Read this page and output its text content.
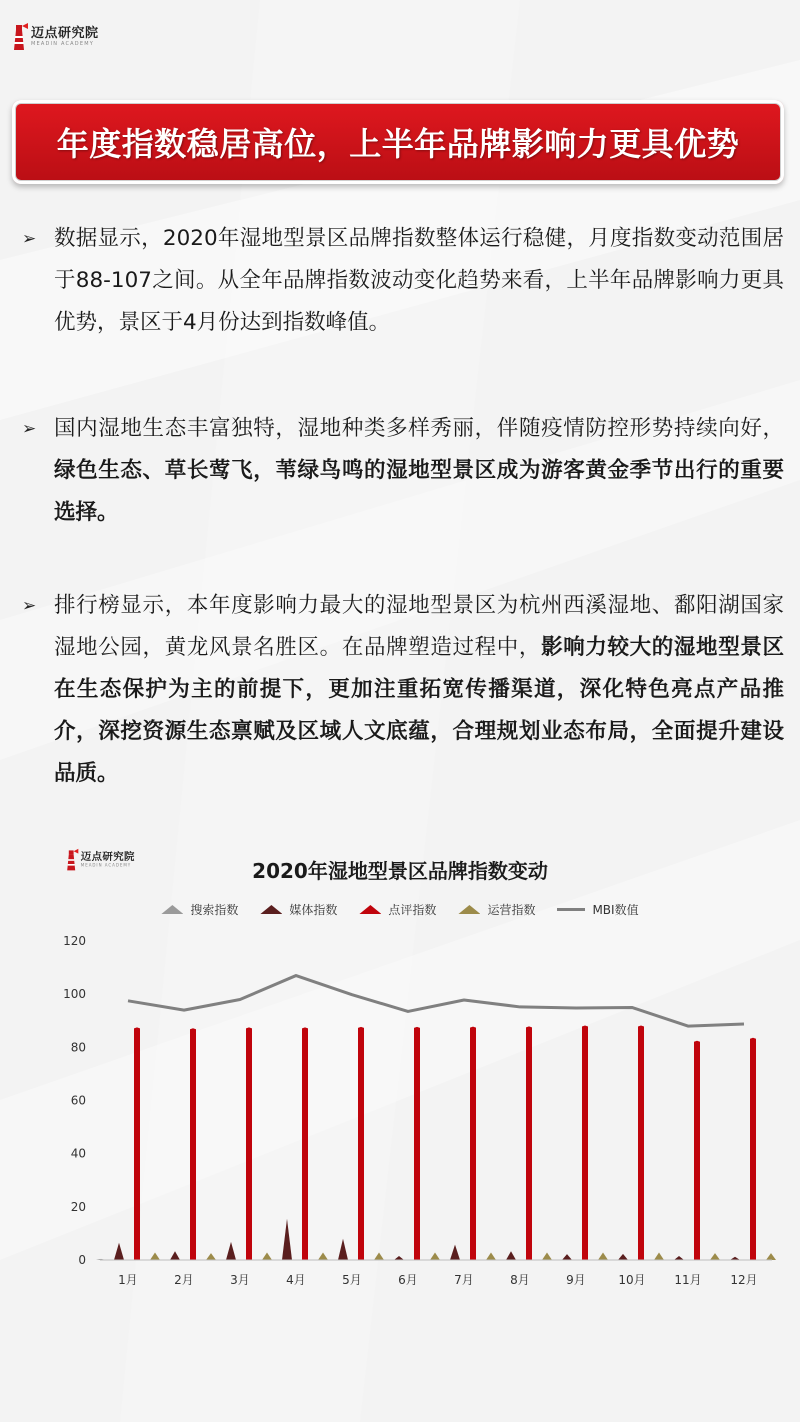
迈点研究院
MEADIN ACADEMY
年度指数稳居高位，上半年品牌影响力更具优势
➢ 数据显示，2020年湿地型景区品牌指数整体运行稳健，月度指数变动范围居于88-107之间。从全年品牌指数波动变化趋势来看，上半年品牌影响力更具优势，景区于4月份达到指数峰值。
➢ 国内湿地生态丰富独特，湿地种类多样秀丽，伴随疫情防控形势持续向好，绿色生态、草长莺飞，苇绿鸟鸣的湿地型景区成为游客黄金季节出行的重要选择。
➢ 排行榜显示，本年度影响力最大的湿地型景区为杭州西溪湿地、鄱阳湖国家湿地公园，黄龙风景名胜区。在品牌塑造过程中，影响力较大的湿地型景区在生态保护为主的前提下，更加注重拓宽传播渠道，深化特色亮点产品推介，深挖资源生态禀赋及区域人文底蕴，合理规划业态布局，全面提升建设品质。
迈点研究院
MEADIN ACADEMY	2020年湿地型景区品牌指数变动
搜索指数	媒体指数	点评指数	运营指数	MBI数值
0
20
40
60
80
100
120
1月	2月	3月	4月	5月	6月	7月	8月	9月	10月 11月 12月
